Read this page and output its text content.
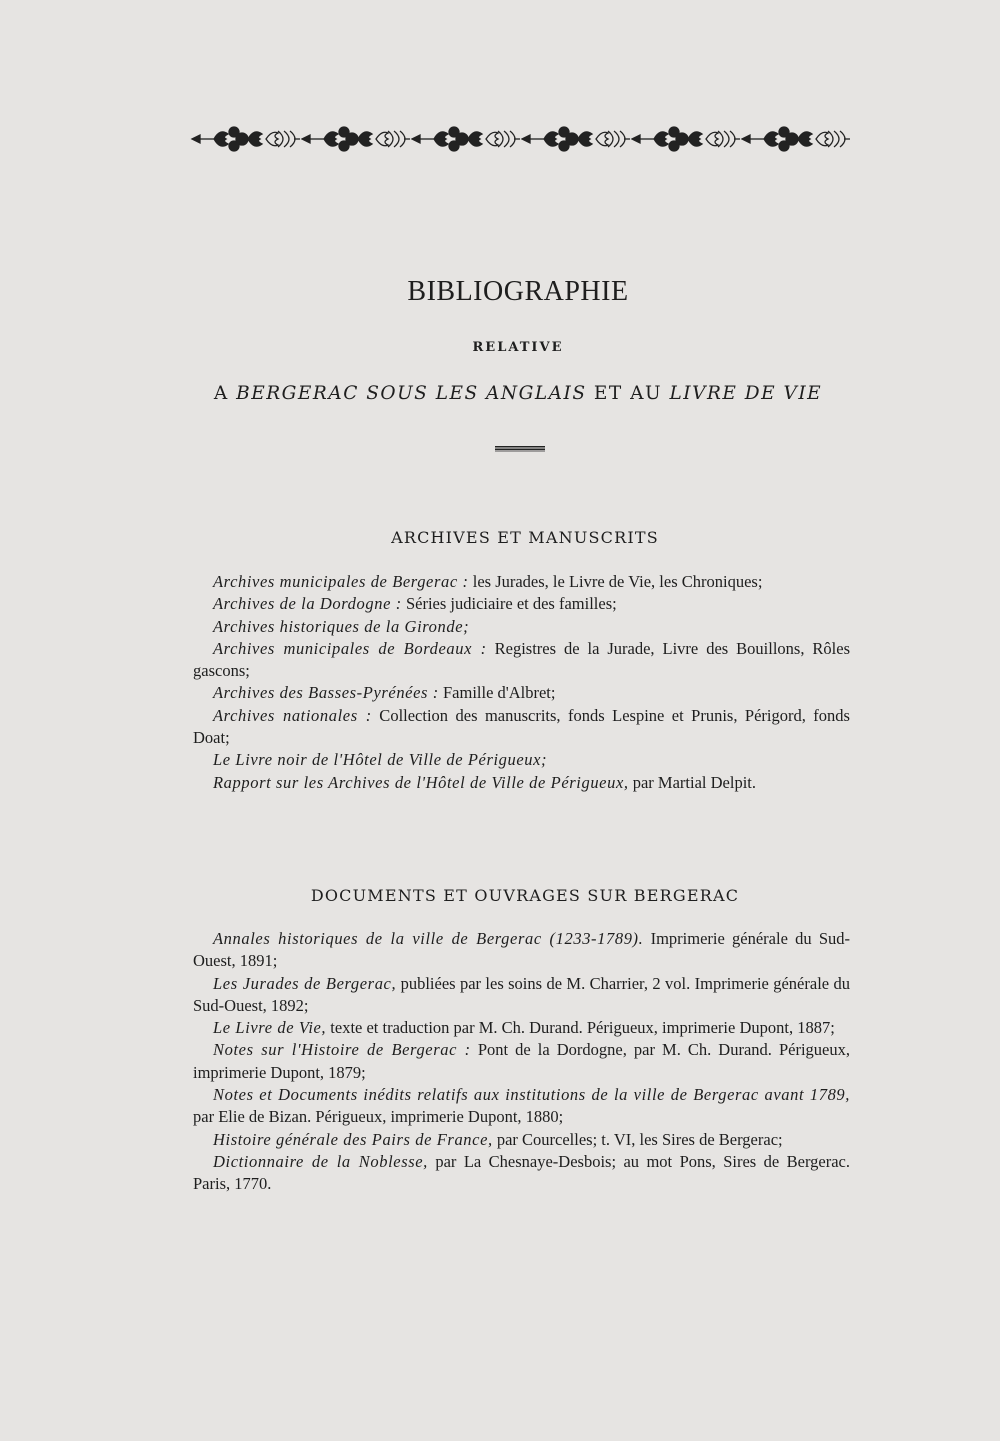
BIBLIOGRAPHIE
RELATIVE
A BERGERAC SOUS LES ANGLAIS ET AU LIVRE DE VIE
ARCHIVES ET MANUSCRITS

Archives municipales de Bergerac : les Jurades, le Livre de Vie, les Chroniques;

Archives de la Dordogne : Séries judiciaire et des familles;

Archives historiques de la Gironde;

Archives municipales de Bordeaux : Registres de la Jurade, Livre des Bouillons, Rôles gascons;

Archives des Basses-Pyrénées : Famille d'Albret;

Archives nationales : Collection des manuscrits, fonds Lespine et Prunis, Périgord, fonds Doat;

Le Livre noir de l'Hôtel de Ville de Périgueux;

Rapport sur les Archives de l'Hôtel de Ville de Périgueux, par Martial Delpit.

DOCUMENTS ET OUVRAGES SUR BERGERAC

Annales historiques de la ville de Bergerac (1233-1789). Imprimerie générale du Sud-Ouest, 1891;

Les Jurades de Bergerac, publiées par les soins de M. Charrier, 2 vol. Imprimerie générale du Sud-Ouest, 1892;

Le Livre de Vie, texte et traduction par M. Ch. Durand. Périgueux, imprimerie Dupont, 1887;

Notes sur l'Histoire de Bergerac : Pont de la Dordogne, par M. Ch. Durand. Périgueux, imprimerie Dupont, 1879;

Notes et Documents inédits relatifs aux institutions de la ville de Bergerac avant 1789, par Elie de Bizan. Périgueux, imprimerie Dupont, 1880;

Histoire générale des Pairs de France, par Courcelles; t. VI, les Sires de Bergerac;

Dictionnaire de la Noblesse, par La Chesnaye-Desbois; au mot Pons, Sires de Bergerac. Paris, 1770.
